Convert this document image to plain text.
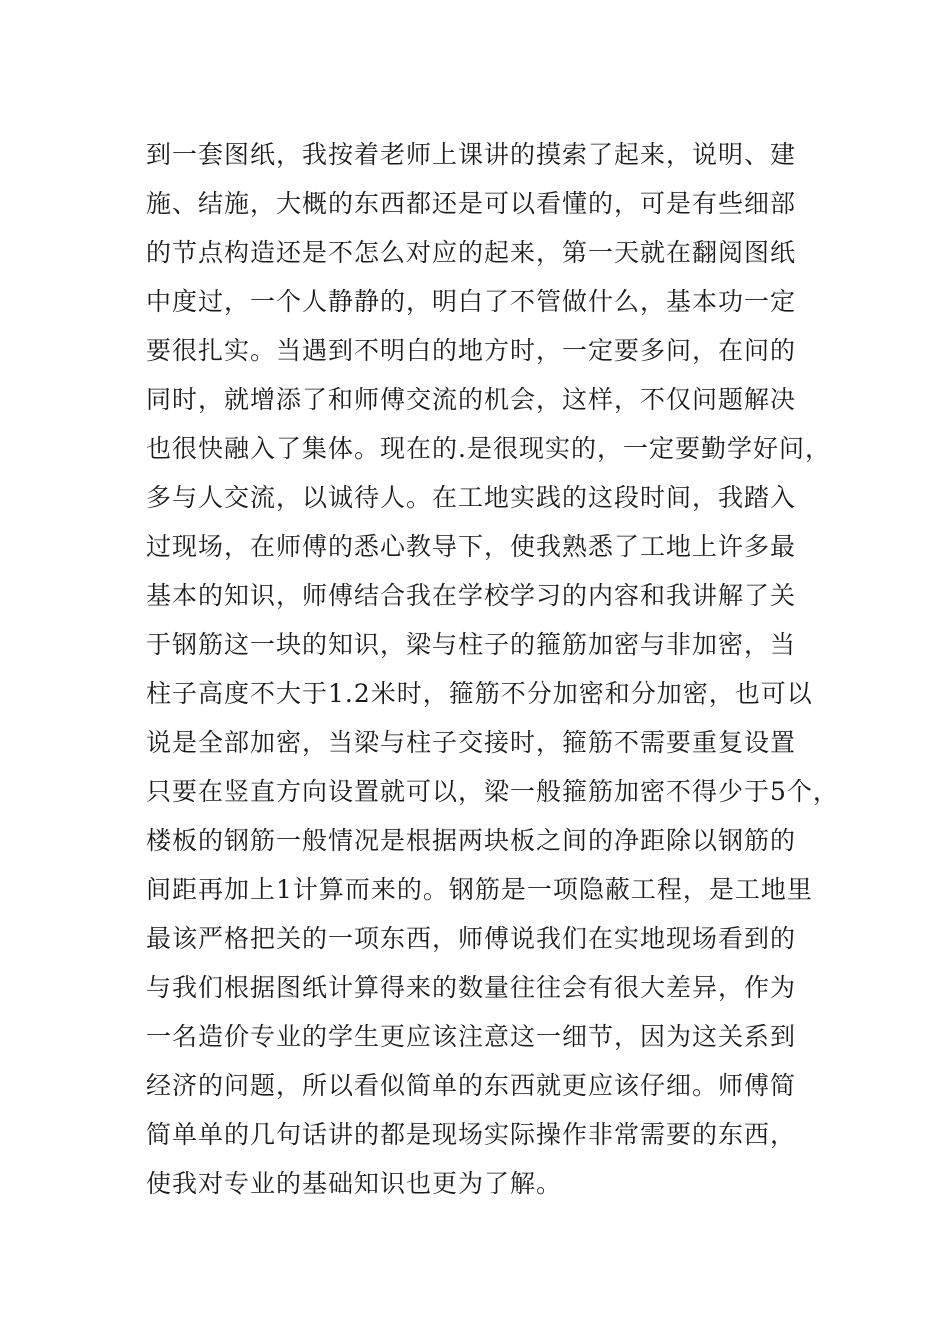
到一套图纸，我按着老师上课讲的摸索了起来，说明、建
施、结施，大概的东西都还是可以看懂的，可是有些细部
的节点构造还是不怎么对应的起来，第一天就在翻阅图纸
中度过，一个人静静的，明白了不管做什么，基本功一定
要很扎实。当遇到不明白的地方时，一定要多问，在问的
同时，就增添了和师傅交流的机会，这样，不仅问题解决
也很快融入了集体。现在的.是很现实的，一定要勤学好问，
多与人交流，以诚待人。在工地实践的这段时间，我踏入
过现场，在师傅的悉心教导下，使我熟悉了工地上许多最
基本的知识，师傅结合我在学校学习的内容和我讲解了关
于钢筋这一块的知识，梁与柱子的箍筋加密与非加密，当
柱子高度不大于1.2米时，箍筋不分加密和分加密，也可以
说是全部加密，当梁与柱子交接时，箍筋不需要重复设置
只要在竖直方向设置就可以，梁一般箍筋加密不得少于5个，
楼板的钢筋一般情况是根据两块板之间的净距除以钢筋的
间距再加上1计算而来的。钢筋是一项隐蔽工程，是工地里
最该严格把关的一项东西，师傅说我们在实地现场看到的
与我们根据图纸计算得来的数量往往会有很大差异，作为
一名造价专业的学生更应该注意这一细节，因为这关系到
经济的问题，所以看似简单的东西就更应该仔细。师傅简
简单单的几句话讲的都是现场实际操作非常需要的东西，
使我对专业的基础知识也更为了解。
